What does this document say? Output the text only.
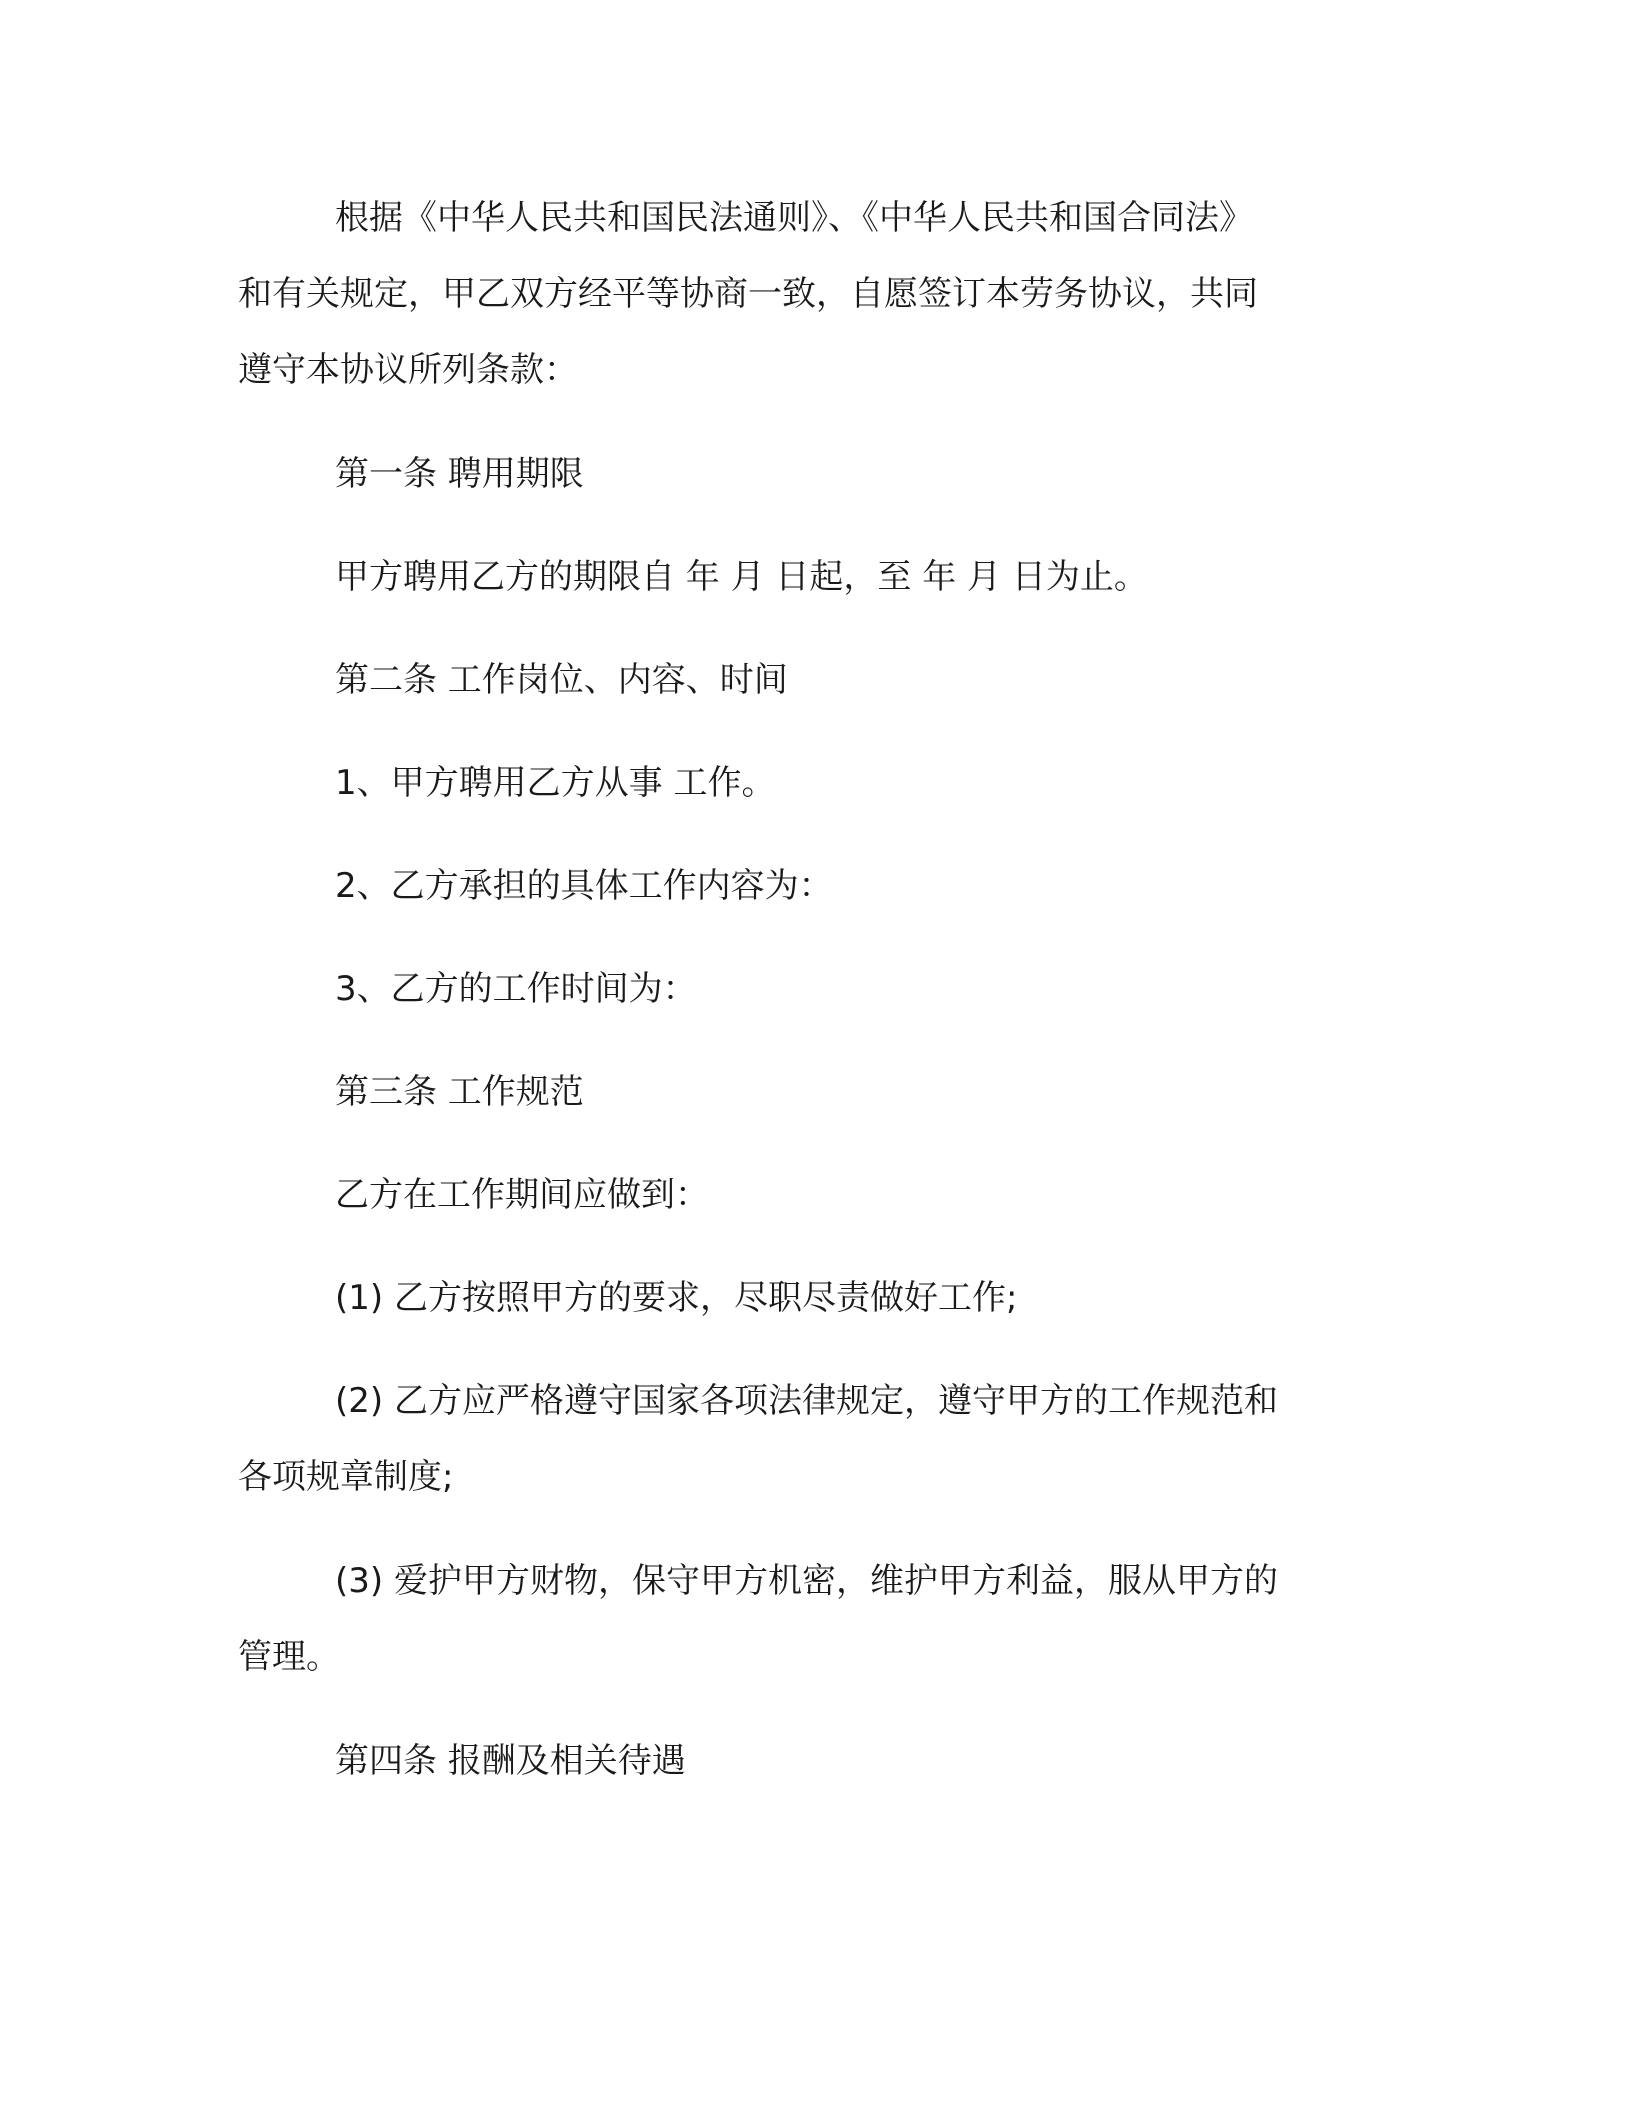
根据《中华人民共和国民法通则》、《中华人民共和国合同法》
和有关规定，甲乙双方经平等协商一致，自愿签订本劳务协议，共同
遵守本协议所列条款：

第一条 聘用期限

甲方聘用乙方的期限自 年 月 日起，至 年 月 日为止。

第二条 工作岗位、内容、时间

1、甲方聘用乙方从事 工作。

2、乙方承担的具体工作内容为：

3、乙方的工作时间为：

第三条 工作规范

乙方在工作期间应做到：

(1) 乙方按照甲方的要求，尽职尽责做好工作;

(2) 乙方应严格遵守国家各项法律规定，遵守甲方的工作规范和
各项规章制度;

(3) 爱护甲方财物，保守甲方机密，维护甲方利益，服从甲方的
管理。

第四条 报酬及相关待遇
